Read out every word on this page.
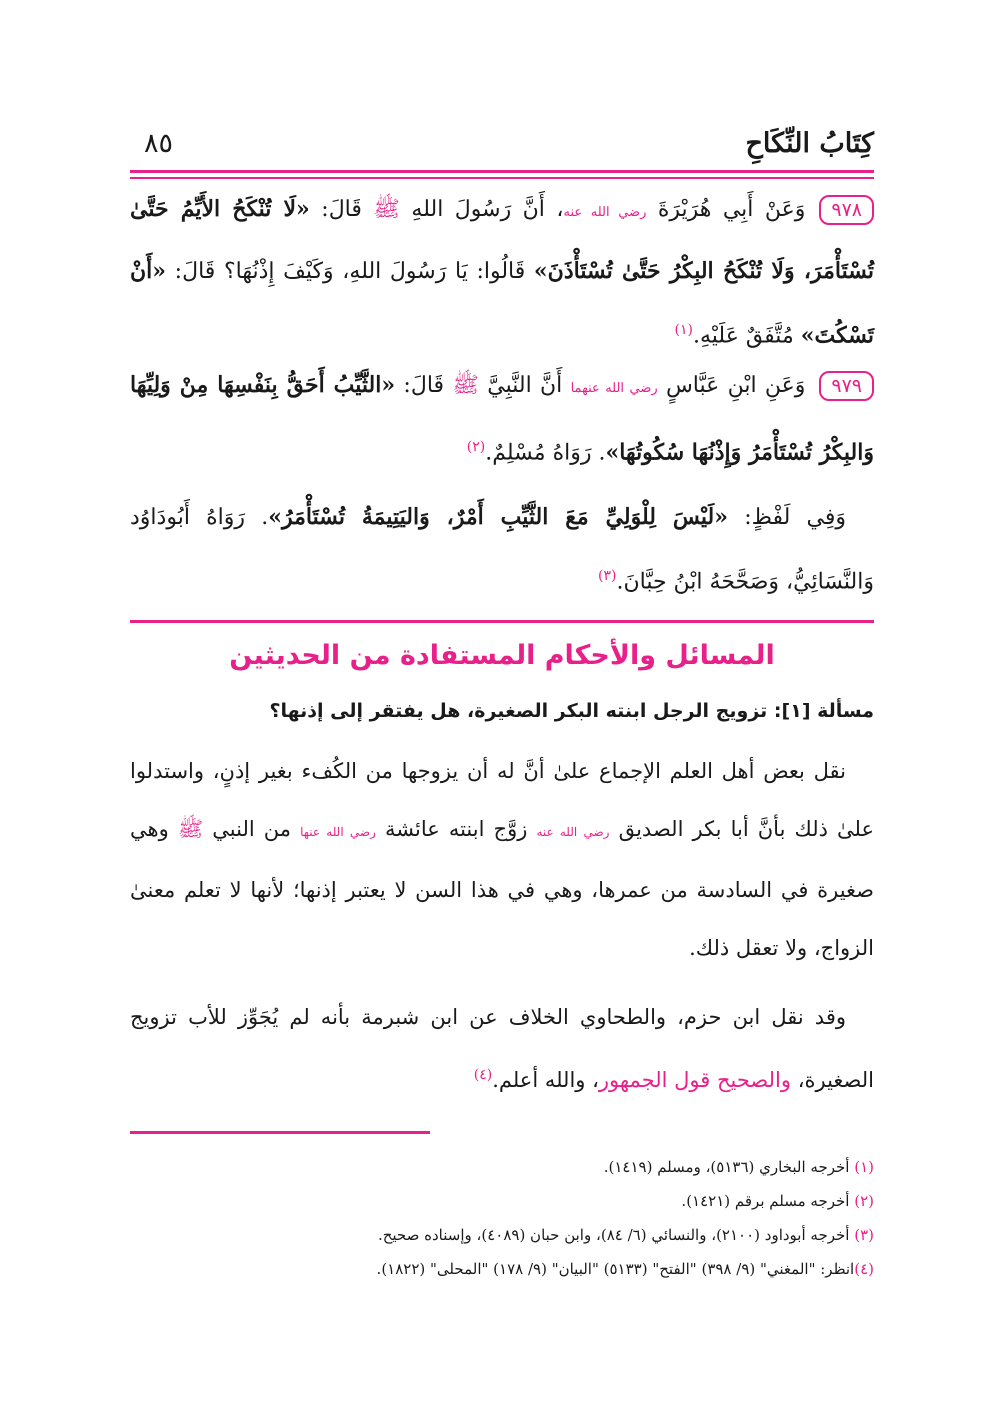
كِتَابُ النِّكَاحِ
٨٥
٩٧٨وَعَنْ أَبِي هُرَيْرَةَ رضي الله عنه، أَنَّ رَسُولَ اللهِ ﷺ قَالَ: «لَا تُنْكَحُ الأَيِّمُ حَتَّىٰ تُسْتَأْمَرَ، وَلَا تُنْكَحُ البِكْرُ حَتَّىٰ تُسْتَأْذَنَ» قَالُوا: يَا رَسُولَ اللهِ، وَكَيْفَ إِذْنُهَا؟ قَالَ: «أَنْ تَسْكُتَ» مُتَّفَقٌ عَلَيْهِ.$^{(١)}$
٩٧٩وَعَنِ ابْنِ عَبَّاسٍ رضي الله عنهما أَنَّ النَّبِيَّ ﷺ قَالَ: «الثَّيِّبُ أَحَقُّ بِنَفْسِهَا مِنْ وَلِيِّهَا وَالبِكْرُ تُسْتَأْمَرُ وَإِذْنُهَا سُكُوتُهَا». رَوَاهُ مُسْلِمٌ.$^{(٢)}$
وَفِي لَفْظٍ: «لَيْسَ لِلْوَلِيِّ مَعَ الثَّيِّبِ أَمْرٌ، وَاليَتِيمَةُ تُسْتَأْمَرُ». رَوَاهُ أَبُودَاوُد وَالنَّسَائِيُّ، وَصَحَّحَهُ ابْنُ حِبَّانَ.$^{(٣)}$
المسائل والأحكام المستفادة من الحديثين
مسألة [١]: تزويج الرجل ابنته البكر الصغيرة، هل يفتقر إلى إذنها؟
نقل بعض أهل العلم الإجماع علىٰ أنَّ له أن يزوجها من الكُفء بغير إذنٍ، واستدلوا علىٰ ذلك بأنَّ أبا بكر الصديق رضي الله عنه زوَّج ابنته عائشة رضي الله عنها من النبي ﷺ وهي صغيرة في السادسة من عمرها، وهي في هذا السن لا يعتبر إذنها؛ لأنها لا تعلم معنىٰ الزواج، ولا تعقل ذلك.
وقد نقل ابن حزم، والطحاوي الخلاف عن ابن شبرمة بأنه لم يُجَوِّز للأب تزويج الصغيرة، والصحيح قول الجمهور، والله أعلم.$^{(٤)}$
(١) أخرجه البخاري (٥١٣٦)، ومسلم (١٤١٩).
(٢) أخرجه مسلم برقم (١٤٢١).
(٣) أخرجه أبوداود (٢١٠٠)، والنسائي (٦/ ٨٤)، وابن حبان (٤٠٨٩)، وإسناده صحيح.
(٤)انظر: "المغني" (٩/ ٣٩٨) "الفتح" (٥١٣٣) "البيان" (٩/ ١٧٨) "المحلى" (١٨٢٢).
